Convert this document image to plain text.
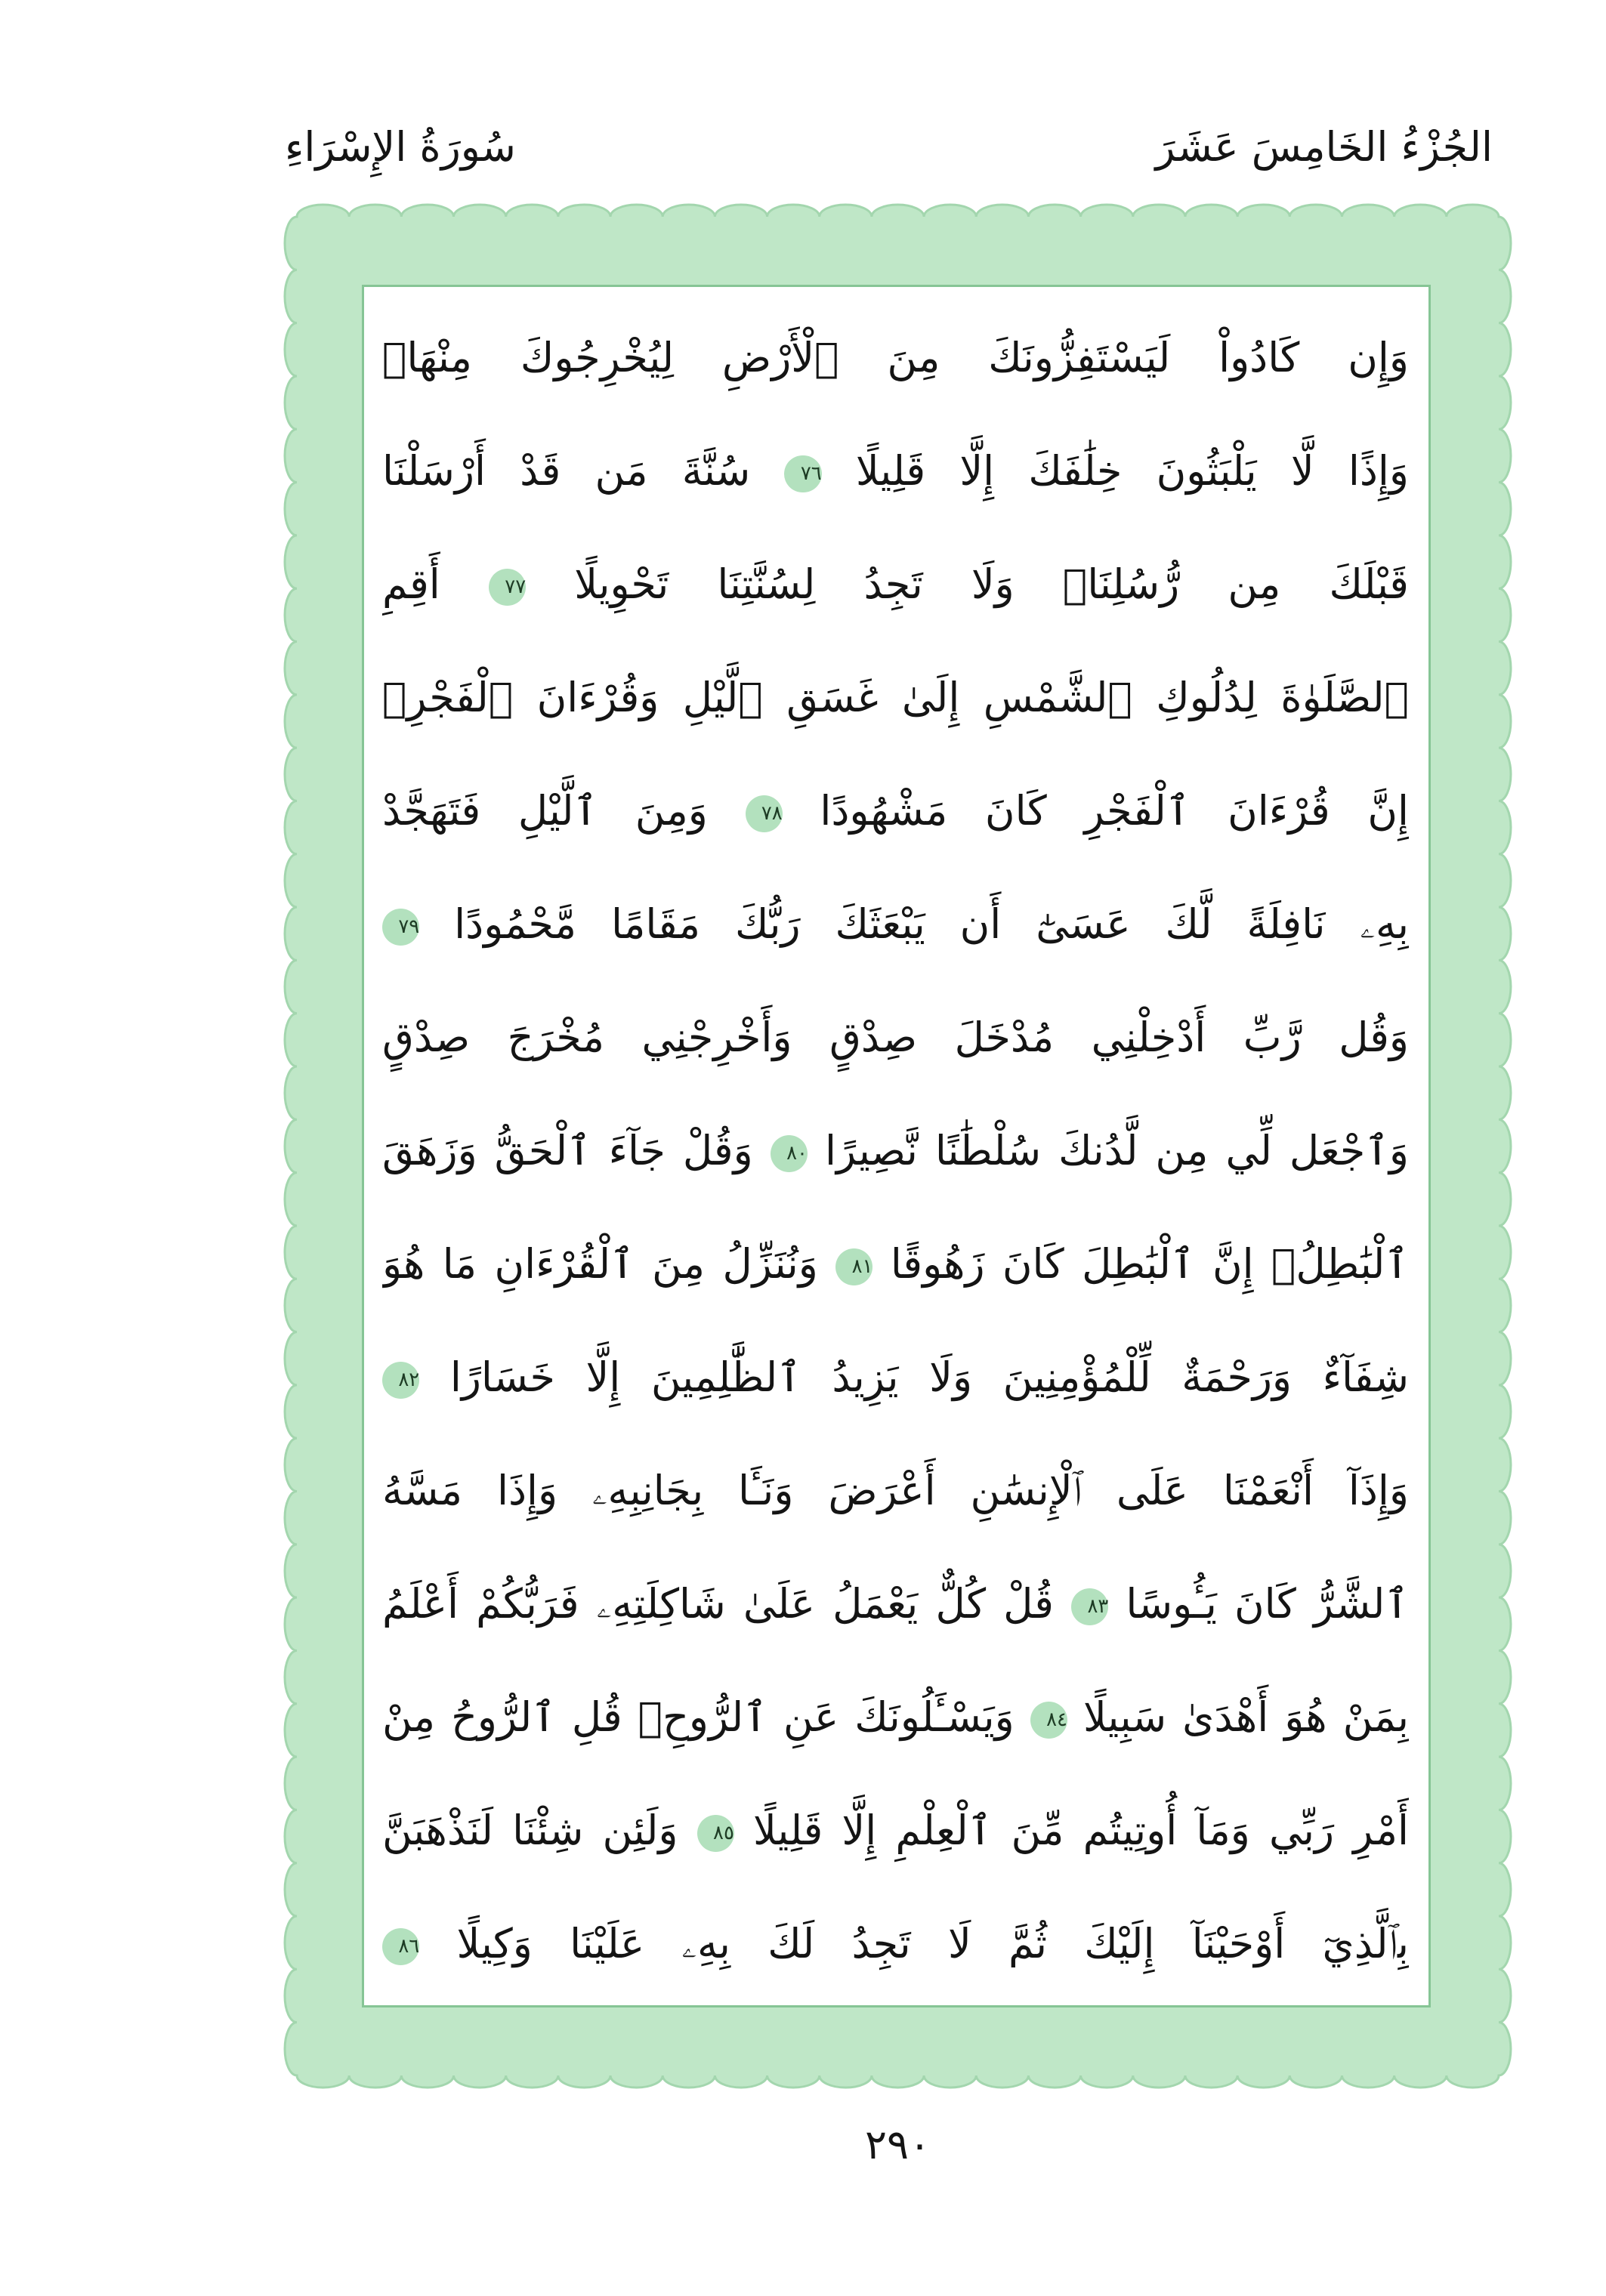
الجُزْءُ الخَامِسَ عَشَرَ
سُورَةُ الإِسْرَاءِ
وَإِن كَادُواْ لَيَسْتَفِزُّونَكَ مِنَ ٱلْأَرْضِ لِيُخْرِجُوكَ مِنْهَاۖ
وَإِذًا لَّا يَلْبَثُونَ خِلَٰفَكَ إِلَّا قَلِيلًا ٧٦ سُنَّةَ مَن قَدْ أَرْسَلْنَا
قَبْلَكَ مِن رُّسُلِنَاۖ وَلَا تَجِدُ لِسُنَّتِنَا تَحْوِيلًا ٧٧ أَقِمِ
ٱلصَّلَوٰةَ لِدُلُوكِ ٱلشَّمْسِ إِلَىٰ غَسَقِ ٱلَّيْلِ وَقُرْءَانَ ٱلْفَجْرِۖ
إِنَّ قُرْءَانَ ٱلْفَجْرِ كَانَ مَشْهُودًا ٧٨ وَمِنَ ٱلَّيْلِ فَتَهَجَّدْ
بِهِۦ نَافِلَةً لَّكَ عَسَىٰٓ أَن يَبْعَثَكَ رَبُّكَ مَقَامًا مَّحْمُودًا ٧٩
وَقُل رَّبِّ أَدْخِلْنِي مُدْخَلَ صِدْقٍ وَأَخْرِجْنِي مُخْرَجَ صِدْقٍ
وَٱجْعَل لِّي مِن لَّدُنكَ سُلْطَٰنًا نَّصِيرًا ٨٠ وَقُلْ جَآءَ ٱلْحَقُّ وَزَهَقَ
ٱلْبَٰطِلُۚ إِنَّ ٱلْبَٰطِلَ كَانَ زَهُوقًا ٨١ وَنُنَزِّلُ مِنَ ٱلْقُرْءَانِ مَا هُوَ
شِفَآءٌ وَرَحْمَةٌ لِّلْمُؤْمِنِينَ وَلَا يَزِيدُ ٱلظَّٰلِمِينَ إِلَّا خَسَارًا ٨٢
وَإِذَآ أَنْعَمْنَا عَلَى ٱلْإِنسَٰنِ أَعْرَضَ وَنَـَٔا بِجَانِبِهِۦ وَإِذَا مَسَّهُ
ٱلشَّرُّ كَانَ يَـُٔوسًا ٨٣ قُلْ كُلٌّ يَعْمَلُ عَلَىٰ شَاكِلَتِهِۦ فَرَبُّكُمْ أَعْلَمُ
بِمَنْ هُوَ أَهْدَىٰ سَبِيلًا ٨٤ وَيَسْـَٔلُونَكَ عَنِ ٱلرُّوحِۖ قُلِ ٱلرُّوحُ مِنْ
أَمْرِ رَبِّي وَمَآ أُوتِيتُم مِّنَ ٱلْعِلْمِ إِلَّا قَلِيلًا ٨٥ وَلَئِن شِئْنَا لَنَذْهَبَنَّ
بِٱلَّذِيٓ أَوْحَيْنَآ إِلَيْكَ ثُمَّ لَا تَجِدُ لَكَ بِهِۦ عَلَيْنَا وَكِيلًا ٨٦
٢٩٠
